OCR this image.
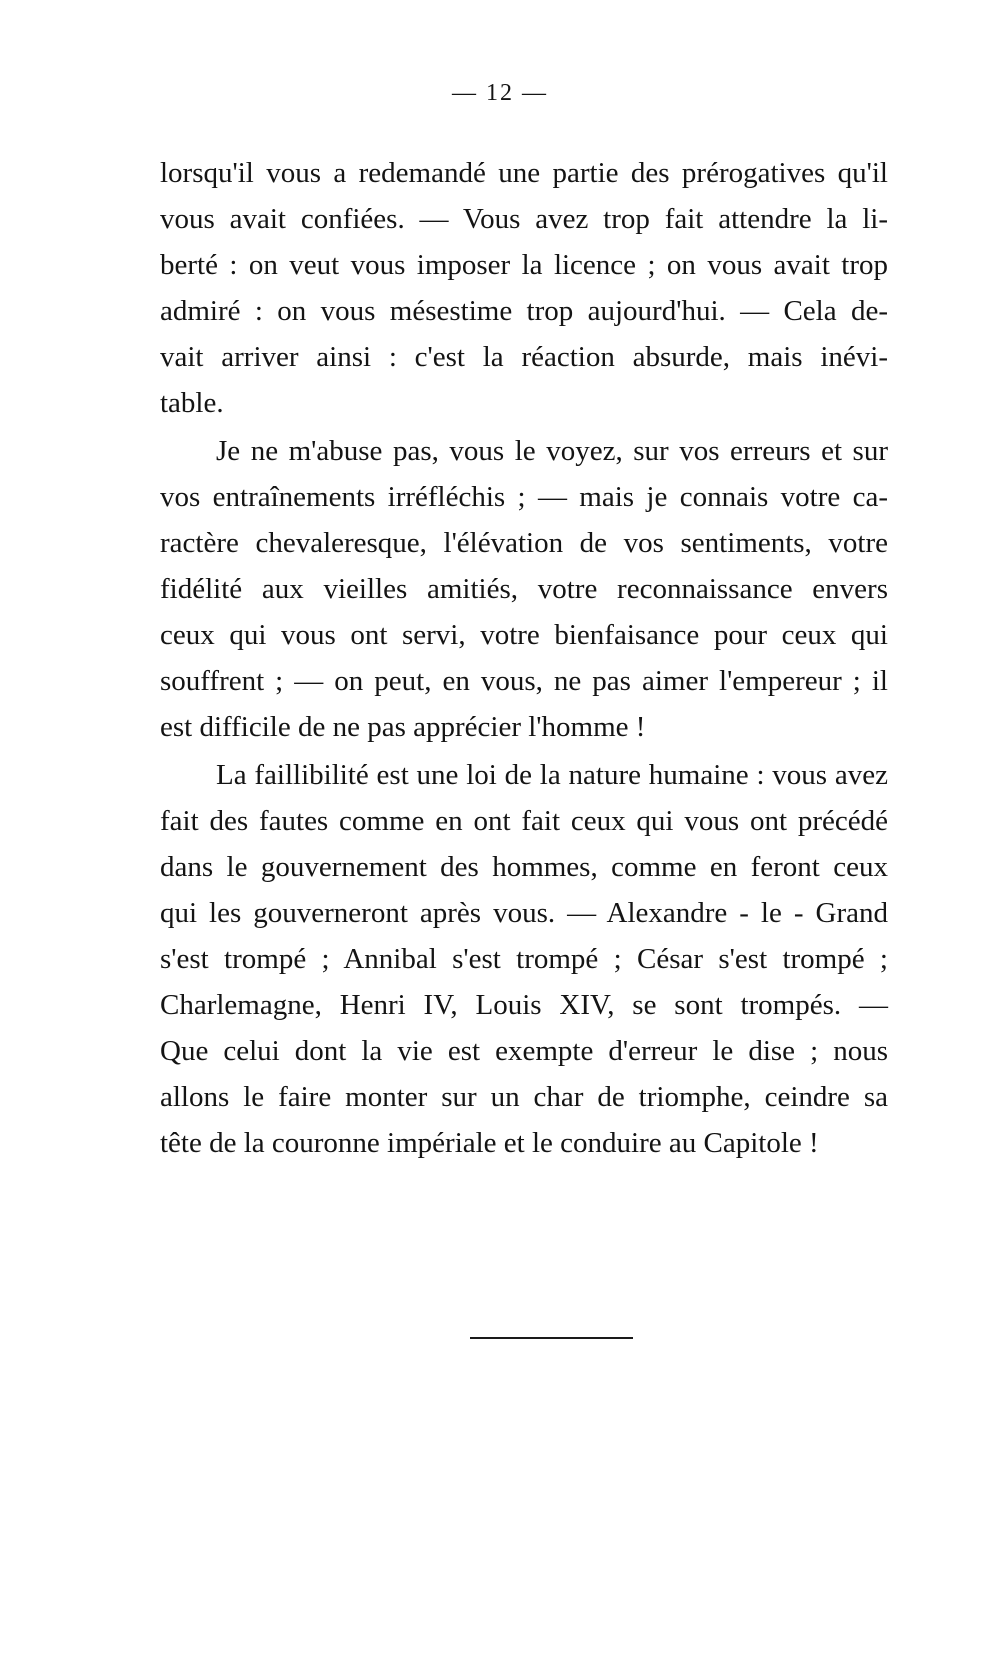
— 12 —
lorsqu'il vous a redemandé une partie des prérogatives qu'il
vous avait confiées. — Vous avez trop fait attendre la li-
berté : on veut vous imposer la licence ; on vous avait trop
admiré : on vous mésestime trop aujourd'hui. — Cela de-
vait arriver ainsi : c'est la réaction absurde, mais inévi-
table.
Je ne m'abuse pas, vous le voyez, sur vos erreurs et sur
vos entraînements irréfléchis ; — mais je connais votre ca-
ractère chevaleresque, l'élévation de vos sentiments, votre
fidélité aux vieilles amitiés, votre reconnaissance envers
ceux qui vous ont servi, votre bienfaisance pour ceux qui
souffrent ; — on peut, en vous, ne pas aimer l'empereur ; il
est difficile de ne pas apprécier l'homme !
La faillibilité est une loi de la nature humaine : vous avez
fait des fautes comme en ont fait ceux qui vous ont précédé
dans le gouvernement des hommes, comme en feront ceux
qui les gouverneront après vous. — Alexandre - le - Grand
s'est trompé ; Annibal s'est trompé ; César s'est trompé ;
Charlemagne, Henri IV, Louis XIV, se sont trompés. —
Que celui dont la vie est exempte d'erreur le dise ; nous
allons le faire monter sur un char de triomphe, ceindre sa
tête de la couronne impériale et le conduire au Capitole !
